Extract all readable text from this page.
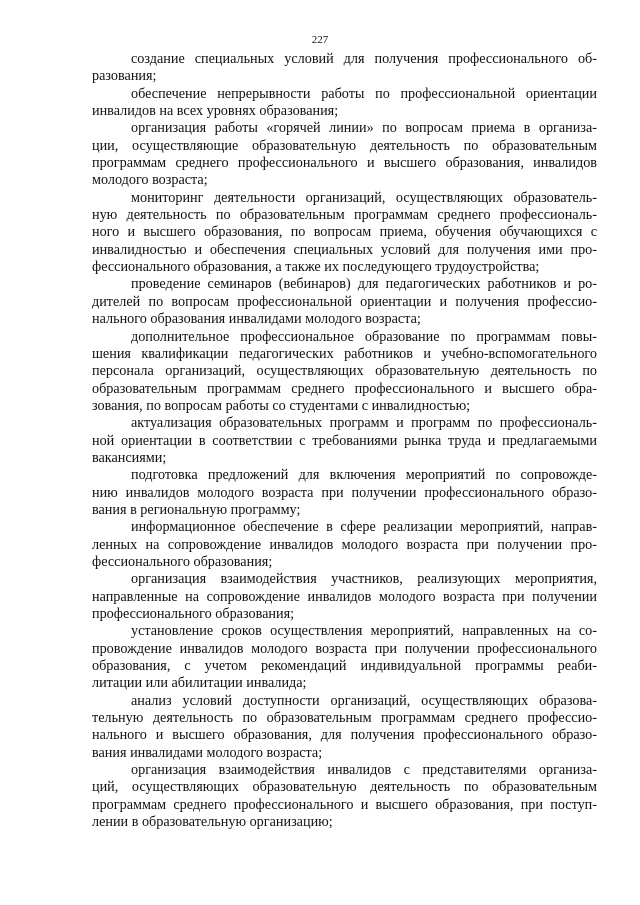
227
создание специальных условий для получения профессионального об-
разования;
обеспечение непрерывности работы по профессиональной ориентации
инвалидов на всех уровнях образования;
организация работы «горячей линии» по вопросам приема в организа-
ции, осуществляющие образовательную деятельность по образовательным
программам среднего профессионального и высшего образования, инвалидов
молодого возраста;
мониторинг деятельности организаций, осуществляющих образователь-
ную деятельность по образовательным программам среднего профессиональ-
ного и высшего образования, по вопросам приема, обучения обучающихся с
инвалидностью и обеспечения специальных условий для получения ими про-
фессионального образования, а также их последующего трудоустройства;
проведение семинаров (вебинаров) для педагогических работников и ро-
дителей по вопросам профессиональной ориентации и получения профессио-
нального образования инвалидами молодого возраста;
дополнительное профессиональное образование по программам повы-
шения квалификации педагогических работников и учебно-вспомогательного
персонала организаций, осуществляющих образовательную деятельность по
образовательным программам среднего профессионального и высшего обра-
зования, по вопросам работы со студентами с инвалидностью;
актуализация образовательных программ и программ по профессиональ-
ной ориентации в соответствии с требованиями рынка труда и предлагаемыми
вакансиями;
подготовка предложений для включения мероприятий по сопровожде-
нию инвалидов молодого возраста при получении профессионального образо-
вания в региональную программу;
информационное обеспечение в сфере реализации мероприятий, направ-
ленных на сопровождение инвалидов молодого возраста при получении про-
фессионального образования;
организация взаимодействия участников, реализующих мероприятия,
направленные на сопровождение инвалидов молодого возраста при получении
профессионального образования;
установление сроков осуществления мероприятий, направленных на со-
провождение инвалидов молодого возраста при получении профессионального
образования, с учетом рекомендаций индивидуальной программы реаби-
литации или абилитации инвалида;
анализ условий доступности организаций, осуществляющих образова-
тельную деятельность по образовательным программам среднего профессио-
нального и высшего образования, для получения профессионального образо-
вания инвалидами молодого возраста;
организация взаимодействия инвалидов с представителями организа-
ций, осуществляющих образовательную деятельность по образовательным
программам среднего профессионального и высшего образования, при поступ-
лении в образовательную организацию;
